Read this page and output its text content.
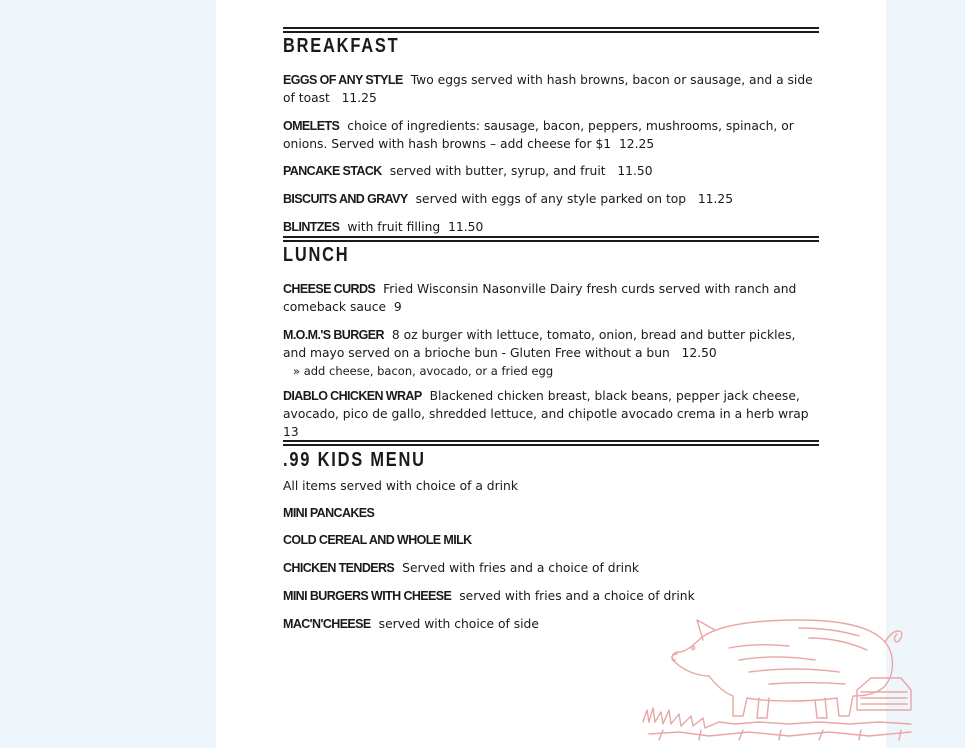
BREAKFAST
EGGS OF ANY STYLE Two eggs served with hash browns, bacon or sausage, and a side of toast 11.25
OMELETS choice of ingredients: sausage, bacon, peppers, mushrooms, spinach, or onions. Served with hash browns – add cheese for $1 12.25
PANCAKE STACK served with butter, syrup, and fruit 11.50
BISCUITS AND GRAVY served with eggs of any style parked on top 11.25
BLINTZES with fruit filling 11.50
LUNCH
CHEESE CURDS Fried Wisconsin Nasonville Dairy fresh curds served with ranch and comeback sauce 9
M.O.M.'S BURGER 8 oz burger with lettuce, tomato, onion, bread and butter pickles, and mayo served on a brioche bun - Gluten Free without a bun 12.50
» add cheese, bacon, avocado, or a fried egg
DIABLO CHICKEN WRAP Blackened chicken breast, black beans, pepper jack cheese, avocado, pico de gallo, shredded lettuce, and chipotle avocado crema in a herb wrap 13
.99 KIDS MENU
All items served with choice of a drink
MINI PANCAKES
COLD CEREAL AND WHOLE MILK
CHICKEN TENDERS Served with fries and a choice of drink
MINI BURGERS WITH CHEESE served with fries and a choice of drink
MAC'N'CHEESE served with choice of side
